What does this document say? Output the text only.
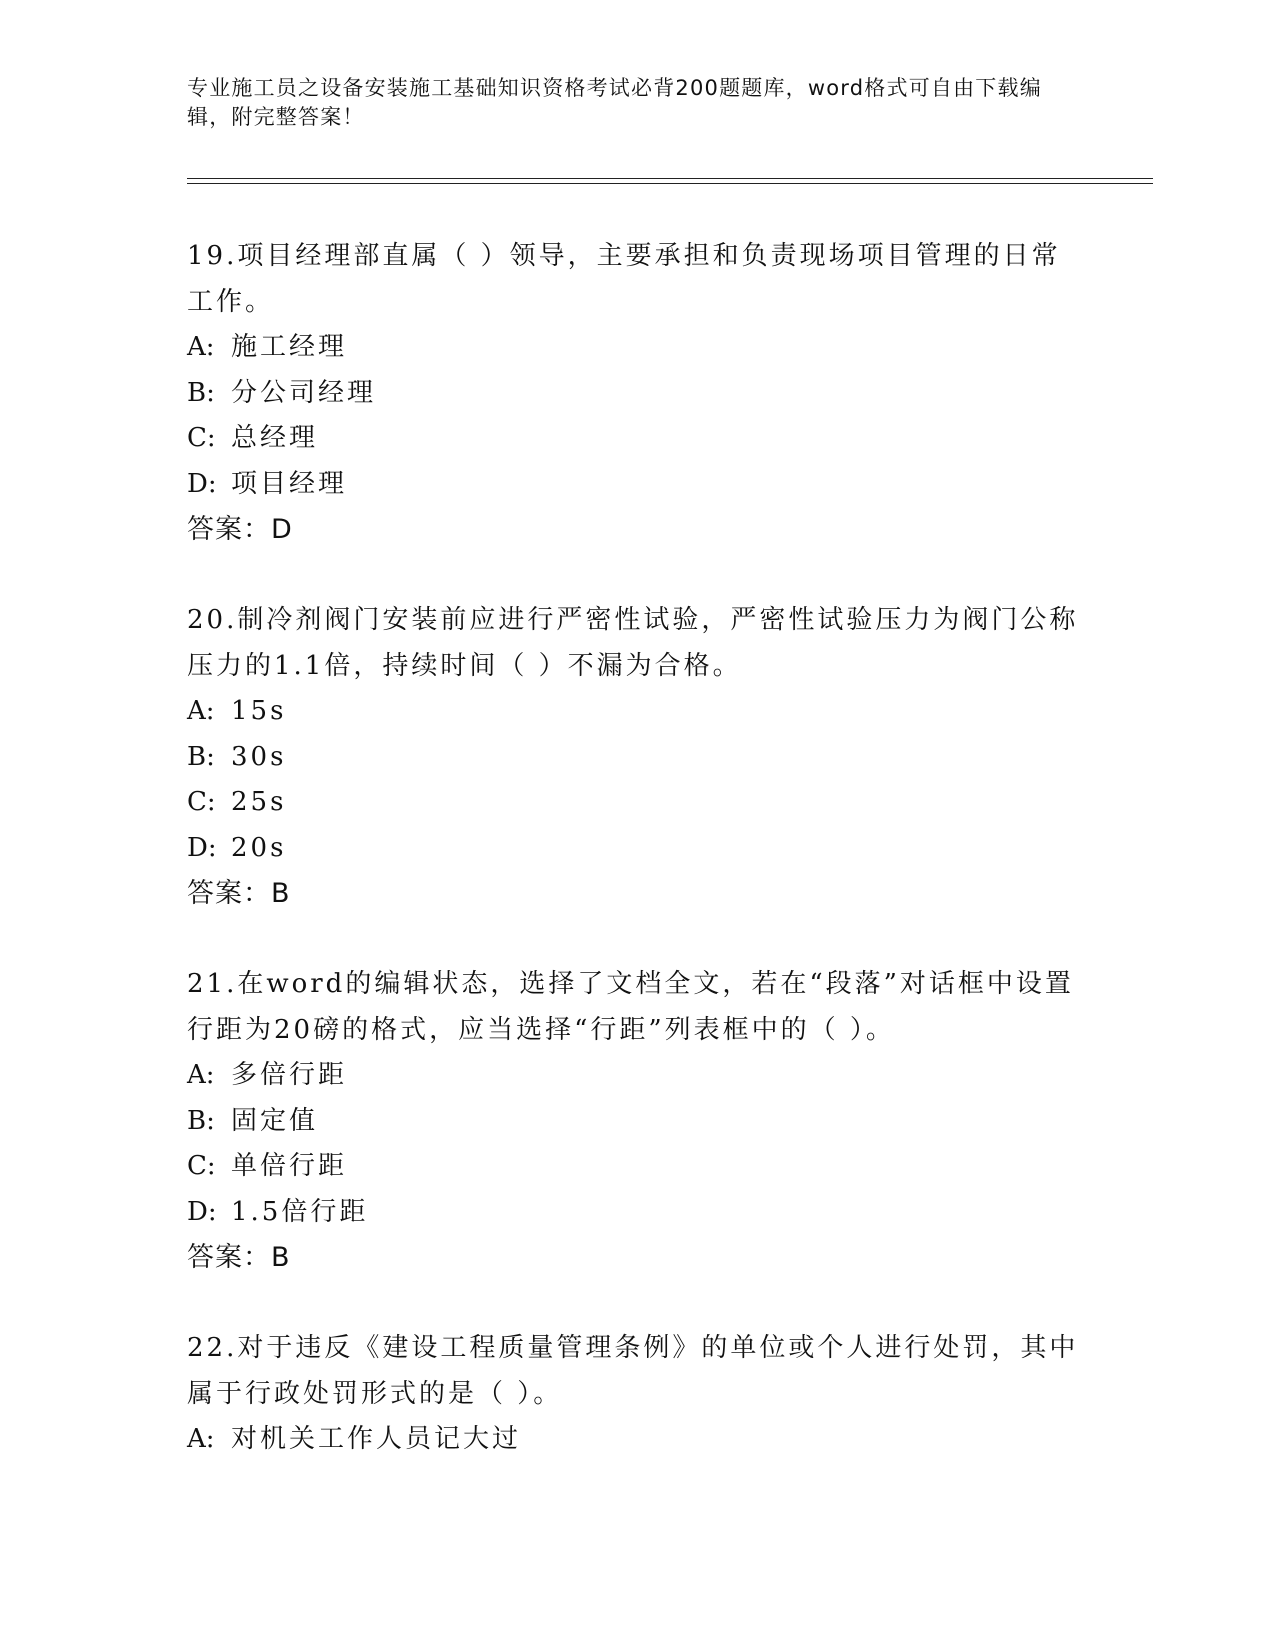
专业施工员之设备安装施工基础知识资格考试必背200题题库，word格式可自由下载编辑，附完整答案！

19.项目经理部直属（ ）领导，主要承担和负责现场项目管理的日常工作。

A: 施工经理

B: 分公司经理

C: 总经理

D: 项目经理

答案：D

20.制冷剂阀门安装前应进行严密性试验，严密性试验压力为阀门公称压力的1.1倍，持续时间（ ）不漏为合格。

A: 15s

B: 30s

C: 25s

D: 20s

答案：B

21.在word的编辑状态，选择了文档全文，若在“段落”对话框中设置行距为20磅的格式，应当选择“行距”列表框中的（ ）。

A: 多倍行距

B: 固定值

C: 单倍行距

D: 1.5倍行距

答案：B

22.对于违反《建设工程质量管理条例》的单位或个人进行处罚，其中属于行政处罚形式的是（ ）。

A: 对机关工作人员记大过
